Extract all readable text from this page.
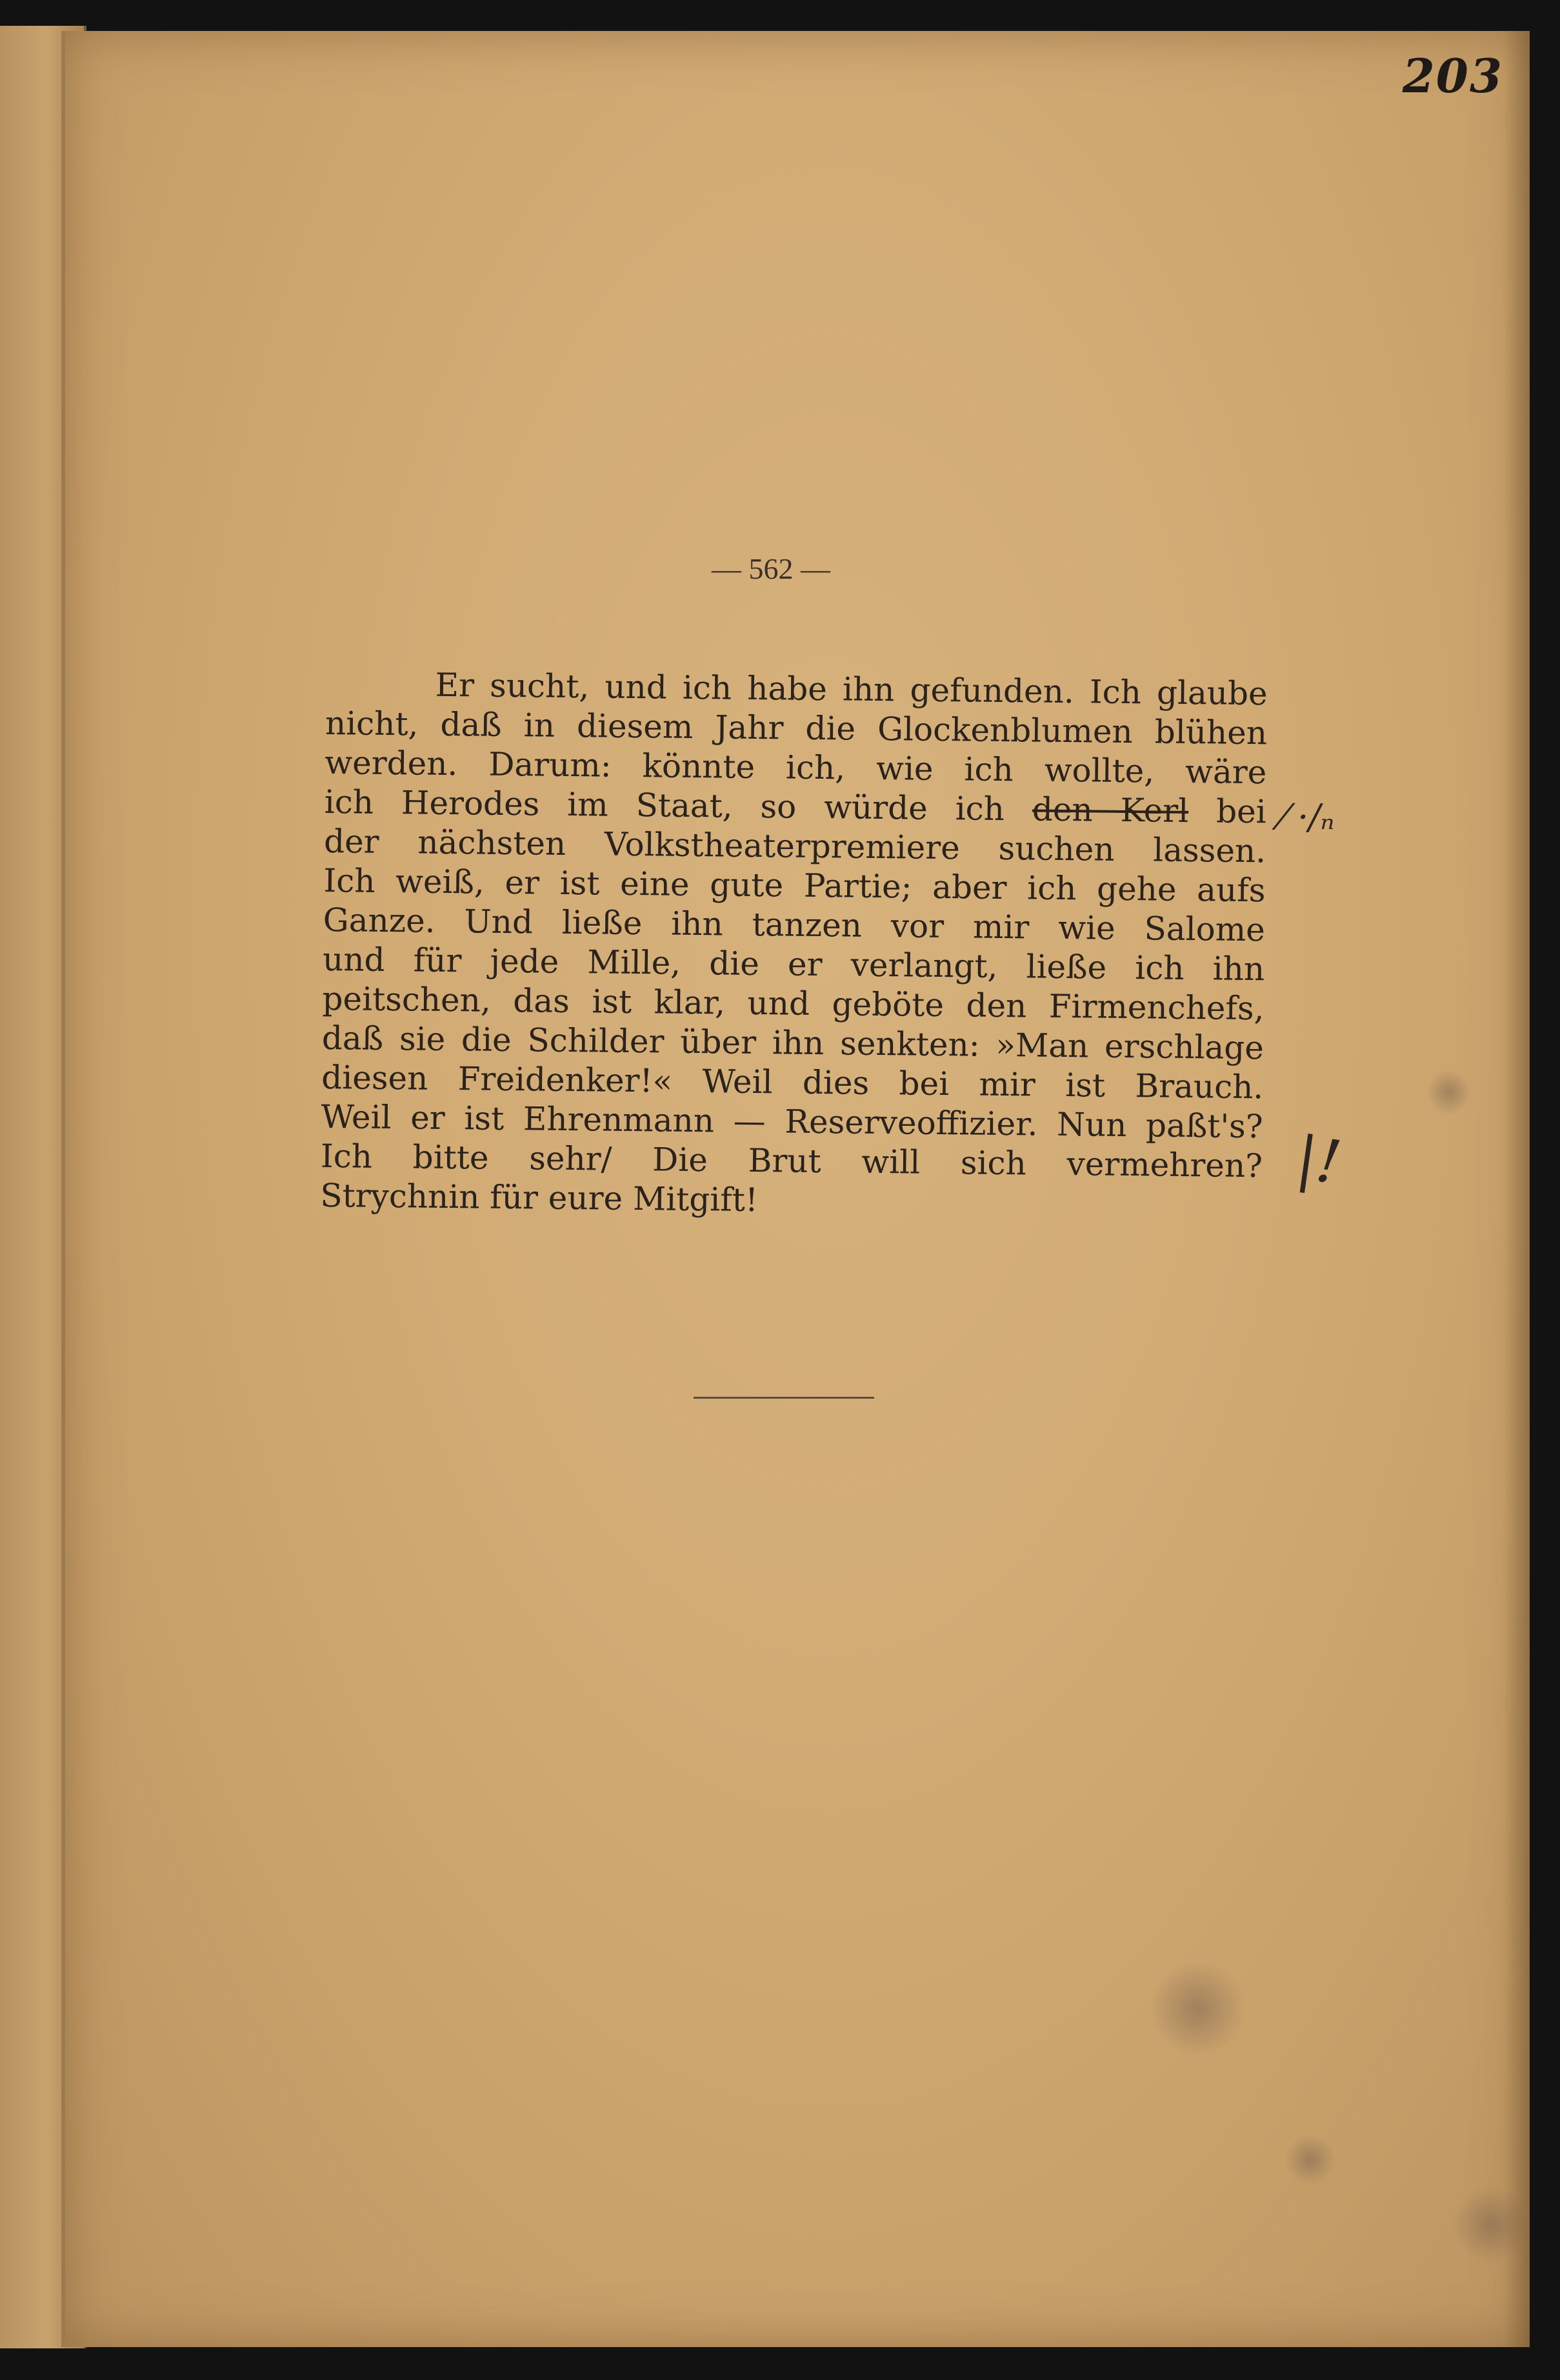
203
— 562 —
Er sucht, und ich habe ihn gefunden. Ich glaube
nicht, daß in diesem Jahr die Glockenblumen blühen
werden. Darum: könnte ich, wie ich wollte, wäre
ich Herodes im Staat, so würde ich den Kerl bei
der nächsten Volkstheaterpremiere suchen lassen.
Ich weiß, er ist eine gute Partie; aber ich gehe aufs
Ganze. Und ließe ihn tanzen vor mir wie Salome
und für jede Mille, die er verlangt, ließe ich ihn
peitschen, das ist klar, und geböte den Firmenchefs,
daß sie die Schilder über ihn senkten: »Man erschlage
diesen Freidenker!« Weil dies bei mir ist Brauch.
Weil er ist Ehrenmann — Reserveoffizier. Nun paßt's?
Ich bitte sehr/ Die Brut will sich vermehren?
Strychnin für eure Mitgift!
⁄ ·/ₙ
|!
